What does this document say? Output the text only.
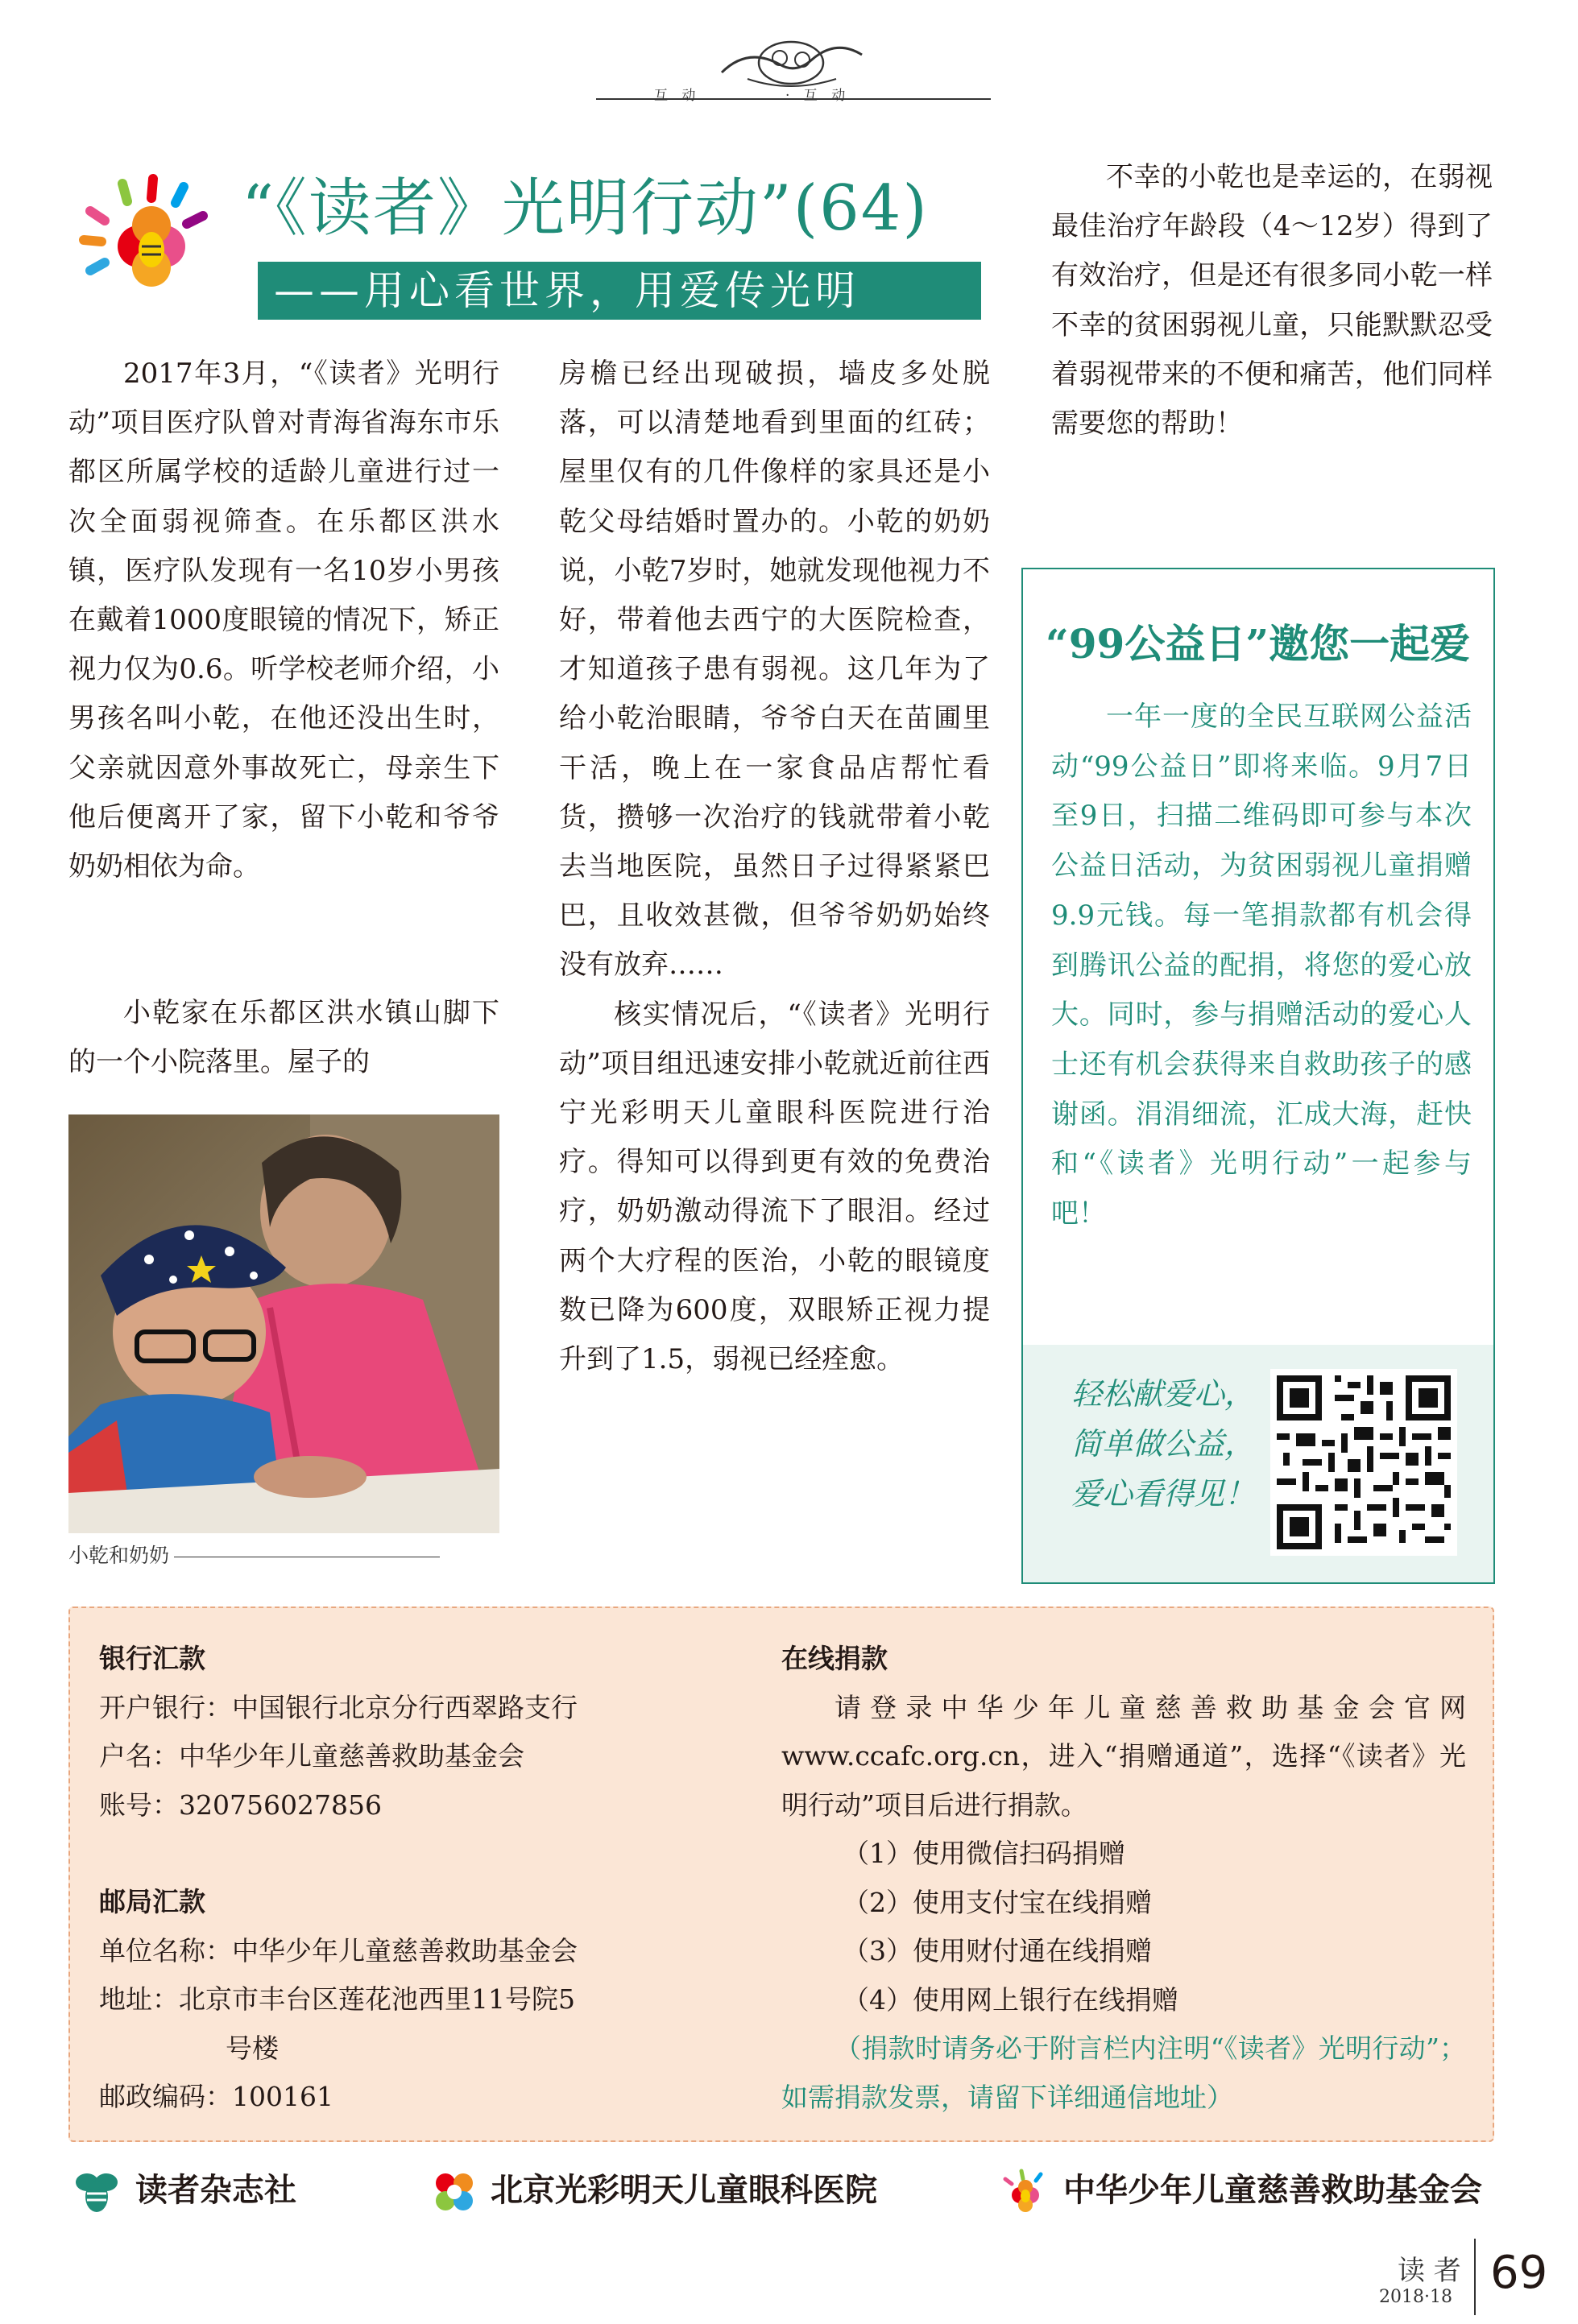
互 动	· 互 动
“《读者》光明行动”(64)
——用心看世界，用爱传光明

2017年3月，“《读者》光明行动”项目医疗队曾对青海省海东市乐都区所属学校的适龄儿童进行过一次全面弱视筛查。在乐都区洪水镇，医疗队发现有一名10岁小男孩在戴着1000度眼镜的情况下，矫正视力仅为0.6。听学校老师介绍，小男孩名叫小乾，在他还没出生时，父亲就因意外事故死亡，母亲生下他后便离开了家，留下小乾和爷爷奶奶相依为命。

小乾家在乐都区洪水镇山脚下的一个小院落里。屋子的

小乾和奶奶

房檐已经出现破损，墙皮多处脱落，可以清楚地看到里面的红砖；屋里仅有的几件像样的家具还是小乾父母结婚时置办的。小乾的奶奶说，小乾7岁时，她就发现他视力不好，带着他去西宁的大医院检查，才知道孩子患有弱视。这几年为了给小乾治眼睛，爷爷白天在苗圃里干活，晚上在一家食品店帮忙看货，攒够一次治疗的钱就带着小乾去当地医院，虽然日子过得紧紧巴巴，且收效甚微，但爷爷奶奶始终没有放弃……

核实情况后，“《读者》光明行动”项目组迅速安排小乾就近前往西宁光彩明天儿童眼科医院进行治疗。得知可以得到更有效的免费治疗，奶奶激动得流下了眼泪。经过两个大疗程的医治，小乾的眼镜度数已降为600度，双眼矫正视力提升到了1.5，弱视已经痊愈。

不幸的小乾也是幸运的，在弱视最佳治疗年龄段（4～12岁）得到了有效治疗，但是还有很多同小乾一样不幸的贫困弱视儿童，只能默默忍受着弱视带来的不便和痛苦，他们同样需要您的帮助！

“99公益日”邀您一起爱

一年一度的全民互联网公益活动“99公益日”即将来临。9月7日至9日，扫描二维码即可参与本次公益日活动，为贫困弱视儿童捐赠9.9元钱。每一笔捐款都有机会得到腾讯公益的配捐，将您的爱心放大。同时，参与捐赠活动的爱心人士还有机会获得来自救助孩子的感谢函。涓涓细流，汇成大海，赶快和“《读者》光明行动”一起参与吧！

轻松献爱心，
简单做公益，
爱心看得见！
银行汇款
开户银行：中国银行北京分行西翠路支行
户名：中华少年儿童慈善救助基金会
账号：320756027856
邮局汇款
单位名称：中华少年儿童慈善救助基金会
地址：北京市丰台区莲花池西里11号院5
号楼
邮政编码：100161

在线捐款

请登录中华少年儿童慈善救助基金会官网www.ccafc.org.cn，进入“捐赠通道”，选择“《读者》光明行动”项目后进行捐款。

（1）使用微信扫码捐赠

（2）使用支付宝在线捐赠

（3）使用财付通在线捐赠

（4）使用网上银行在线捐赠

（捐款时请务必于附言栏内注明“《读者》光明行动”；如需捐款发票，请留下详细通信地址）

读者杂志社	北京光彩明天儿童眼科医院	中华少年儿童慈善救助基金会
读 者
2018·18 69
